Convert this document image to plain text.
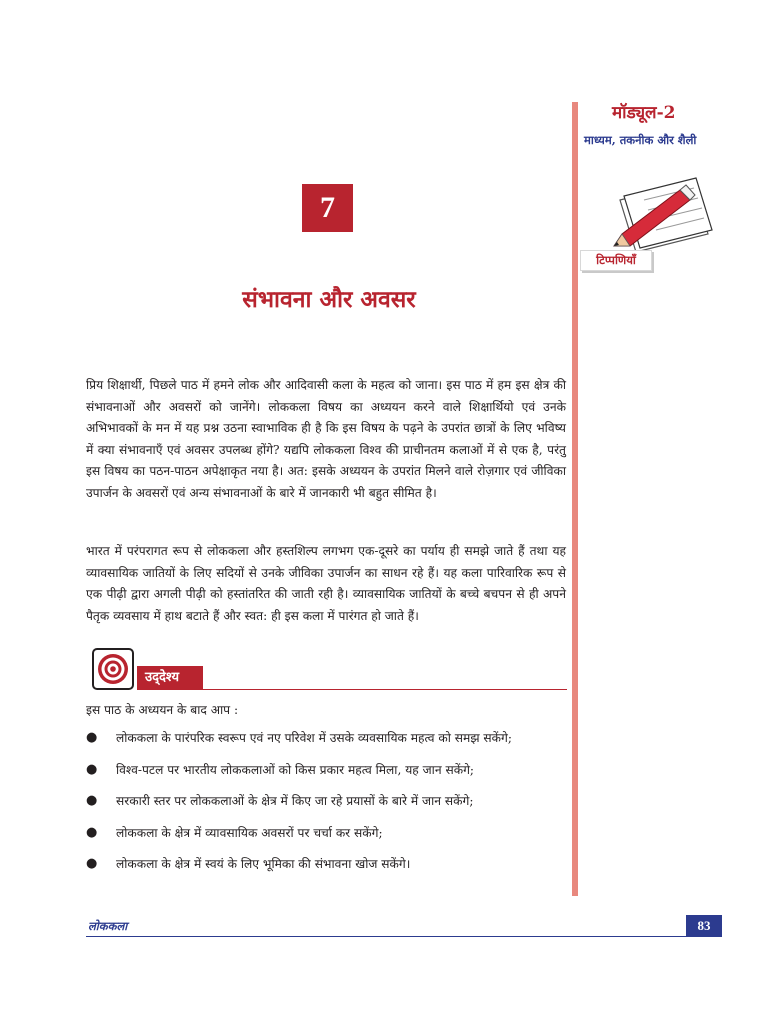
मॉड्यूल-2
माध्यम, तकनीक और शैली
टिप्पणियाँ
7
संभावना और अवसर

प्रिय शिक्षार्थी, पिछले पाठ में हमने लोक और आदिवासी कला के महत्व को जाना। इस पाठ में हम इस क्षेत्र की संभावनाओं और अवसरों को जानेंगे। लोककला विषय का अध्ययन करने वाले शिक्षार्थियो एवं उनके अभिभावकों के मन में यह प्रश्न उठना स्वाभाविक ही है कि इस विषय के पढ़ने के उपरांत छात्रों के लिए भविष्य में क्या संभावनाएँ एवं अवसर उपलब्ध होंगे? यद्यपि लोककला विश्व की प्राचीनतम कलाओं में से एक है, परंतु इस विषय का पठन-पाठन अपेक्षाकृत नया है। अत: इसके अध्ययन के उपरांत मिलने वाले रोज़गार एवं जीविका उपार्जन के अवसरों एवं अन्य संभावनाओं के बारे में जानकारी भी बहुत सीमित है।

भारत में परंपरागत रूप से लोककला और हस्तशिल्प लगभग एक-दूसरे का पर्याय ही समझे जाते हैं तथा यह व्यावसायिक जातियों के लिए सदियों से उनके जीविका उपार्जन का साधन रहे हैं। यह कला पारिवारिक रूप से एक पीढ़ी द्वारा अगली पीढ़ी को हस्तांतरित की जाती रही है। व्यावसायिक जातियों के बच्चे बचपन से ही अपने पैतृक व्यवसाय में हाथ बटाते हैं और स्वत: ही इस कला में पारंगत हो जाते हैं।

उद्‌देश्य
इस पाठ के अध्ययन के बाद आप :
●	लोककला के पारंपरिक स्वरूप एवं नए परिवेश में उसके व्यवसायिक महत्व को समझ सकेंगे;
●	विश्व-पटल पर भारतीय लोककलाओं को किस प्रकार महत्व मिला, यह जान सकेंगे;
●	सरकारी स्तर पर लोककलाओं के क्षेत्र में किए जा रहे प्रयासों के बारे में जान सकेंगे;
●	लोककला के क्षेत्र में व्यावसायिक अवसरों पर चर्चा कर सकेंगे;
●	लोककला के क्षेत्र में स्वयं के लिए भूमिका की संभावना खोज सकेंगे।
लोककला	83
